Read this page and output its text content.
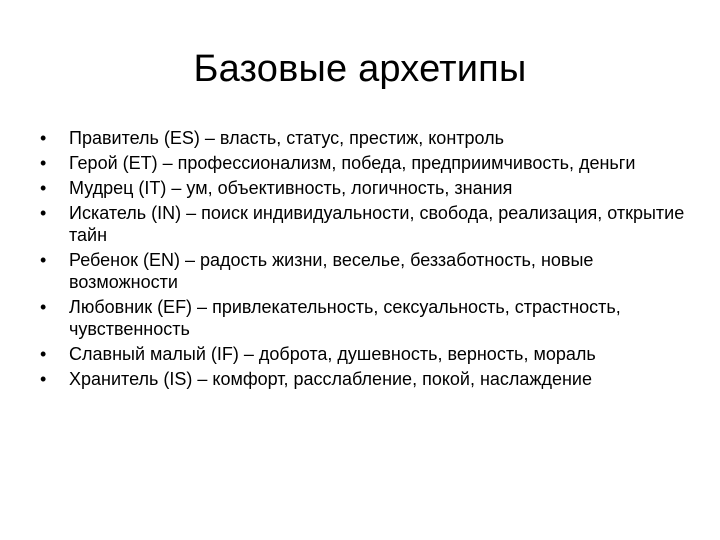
Базовые архетипы
•	Правитель (ES) – власть, статус, престиж, контроль
•	Герой (ET) – профессионализм, победа, предприимчивость, деньги
•	Мудрец (IT) – ум, объективность, логичность, знания
•	Искатель (IN) – поиск индивидуальности, свобода, реализация, открытие тайн
•	Ребенок (EN) – радость жизни, веселье, беззаботность, новые возможности
•	Любовник (EF) – привлекательность, сексуальность, страстность, чувственность
•	Славный малый (IF) – доброта, душевность, верность, мораль
•	Хранитель (IS) – комфорт, расслабление, покой, наслаждение
